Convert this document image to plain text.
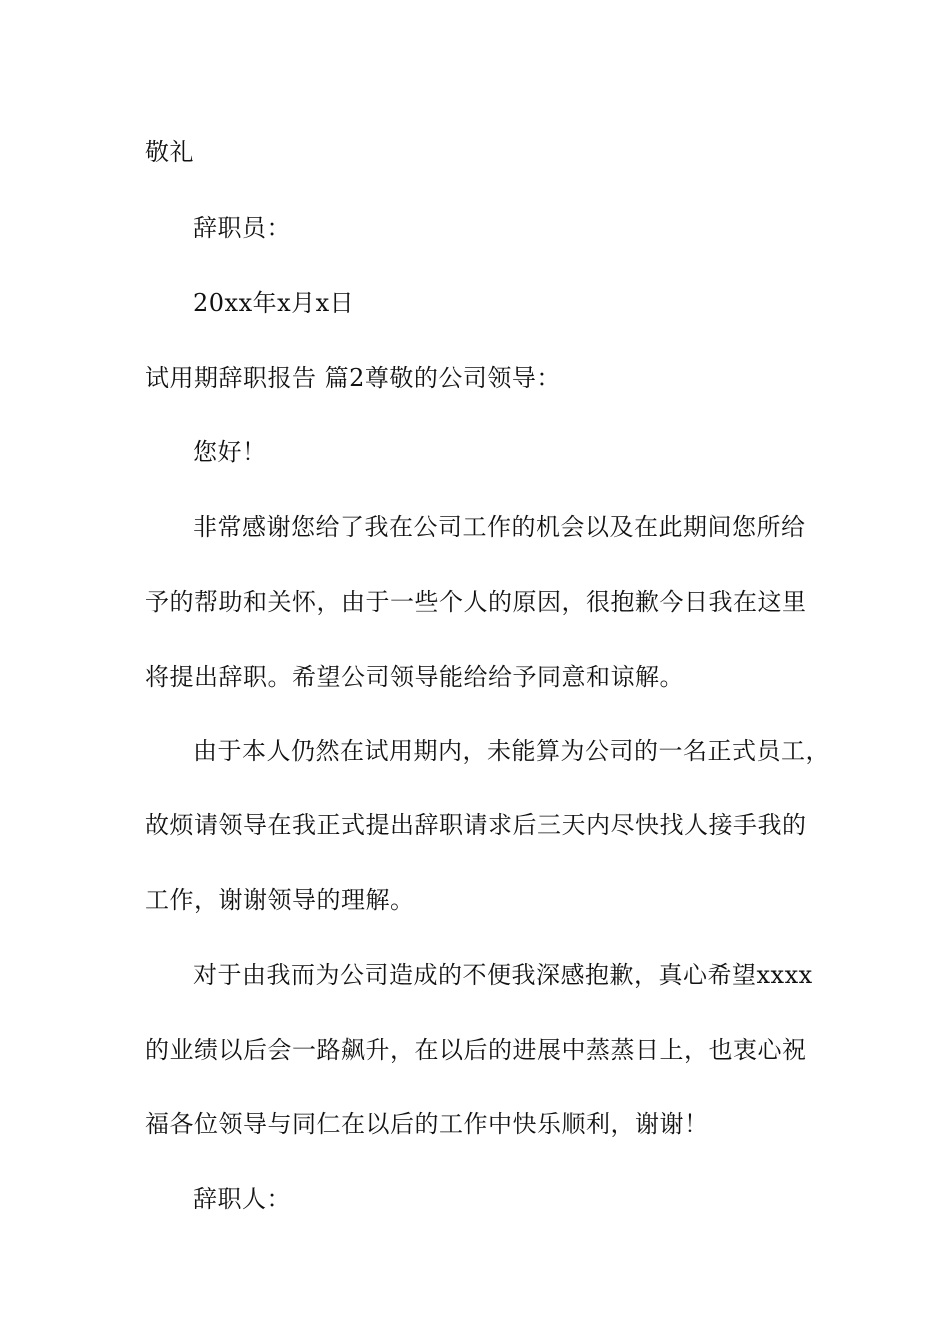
敬礼
辞职员：
20xx年x月x日
试用期辞职报告 篇2尊敬的公司领导：
您好！
非常感谢您给了我在公司工作的机会以及在此期间您所给
予的帮助和关怀，由于一些个人的原因，很抱歉今日我在这里
将提出辞职。希望公司领导能给给予同意和谅解。
由于本人仍然在试用期内，未能算为公司的一名正式员工，
故烦请领导在我正式提出辞职请求后三天内尽快找人接手我的
工作，谢谢领导的理解。
对于由我而为公司造成的不便我深感抱歉，真心希望xxxx
的业绩以后会一路飙升，在以后的进展中蒸蒸日上，也衷心祝
福各位领导与同仁在以后的工作中快乐顺利，谢谢！
辞职人：
